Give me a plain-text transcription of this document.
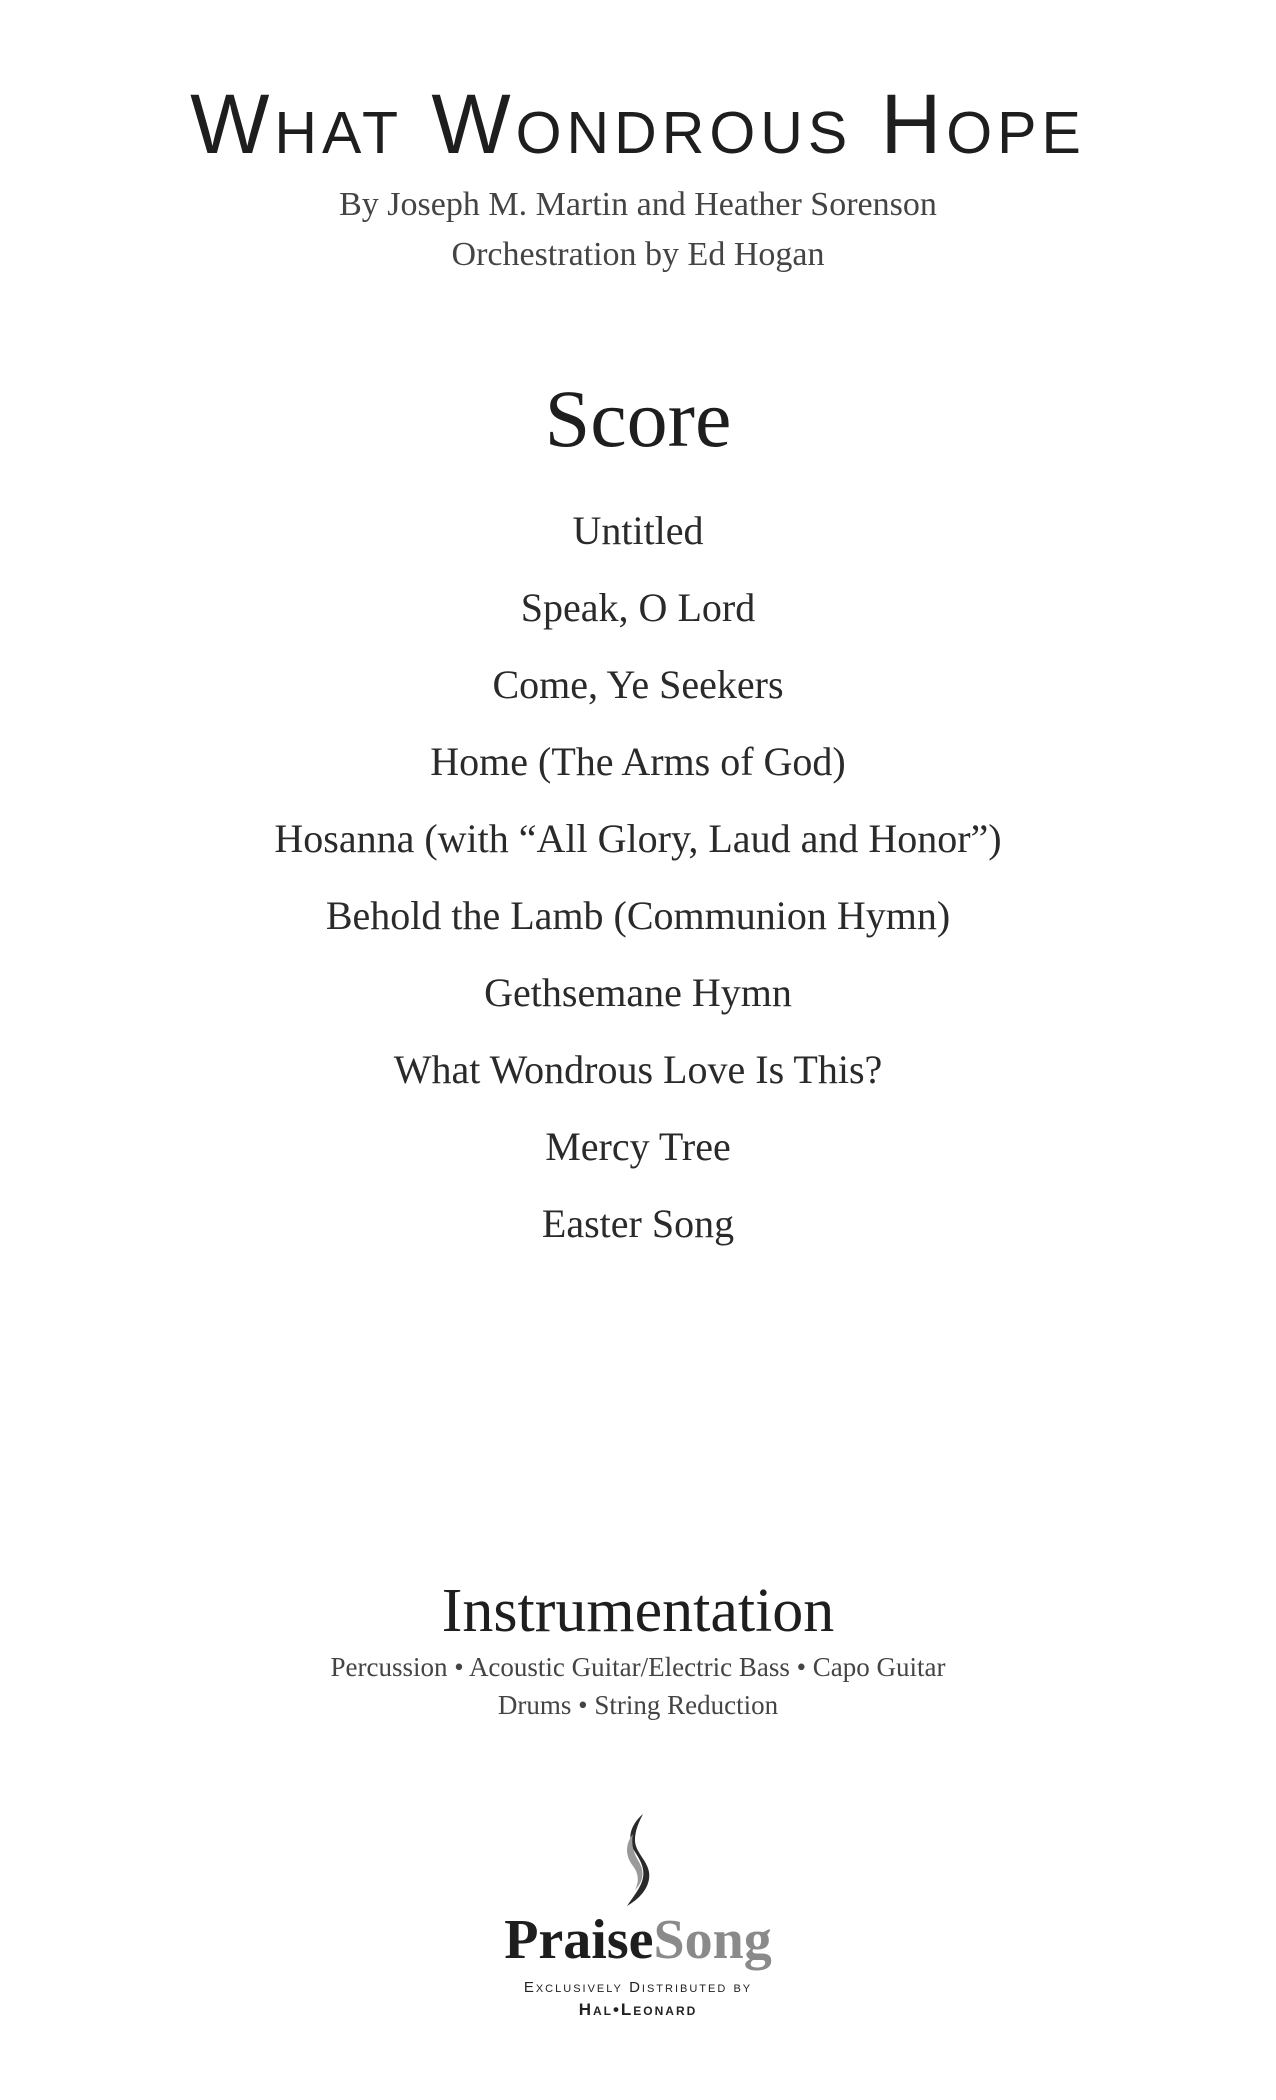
What Wondrous Hope
By Joseph M. Martin and Heather Sorenson
Orchestration by Ed Hogan
Score
Untitled
Speak, O Lord
Come, Ye Seekers
Home (The Arms of God)
Hosanna (with “All Glory, Laud and Honor”)
Behold the Lamb (Communion Hymn)
Gethsemane Hymn
What Wondrous Love Is This?
Mercy Tree
Easter Song
Instrumentation
Percussion • Acoustic Guitar/Electric Bass • Capo Guitar
Drums • String Reduction
PraiseSong
Exclusively Distributed by
Hal•Leonard
